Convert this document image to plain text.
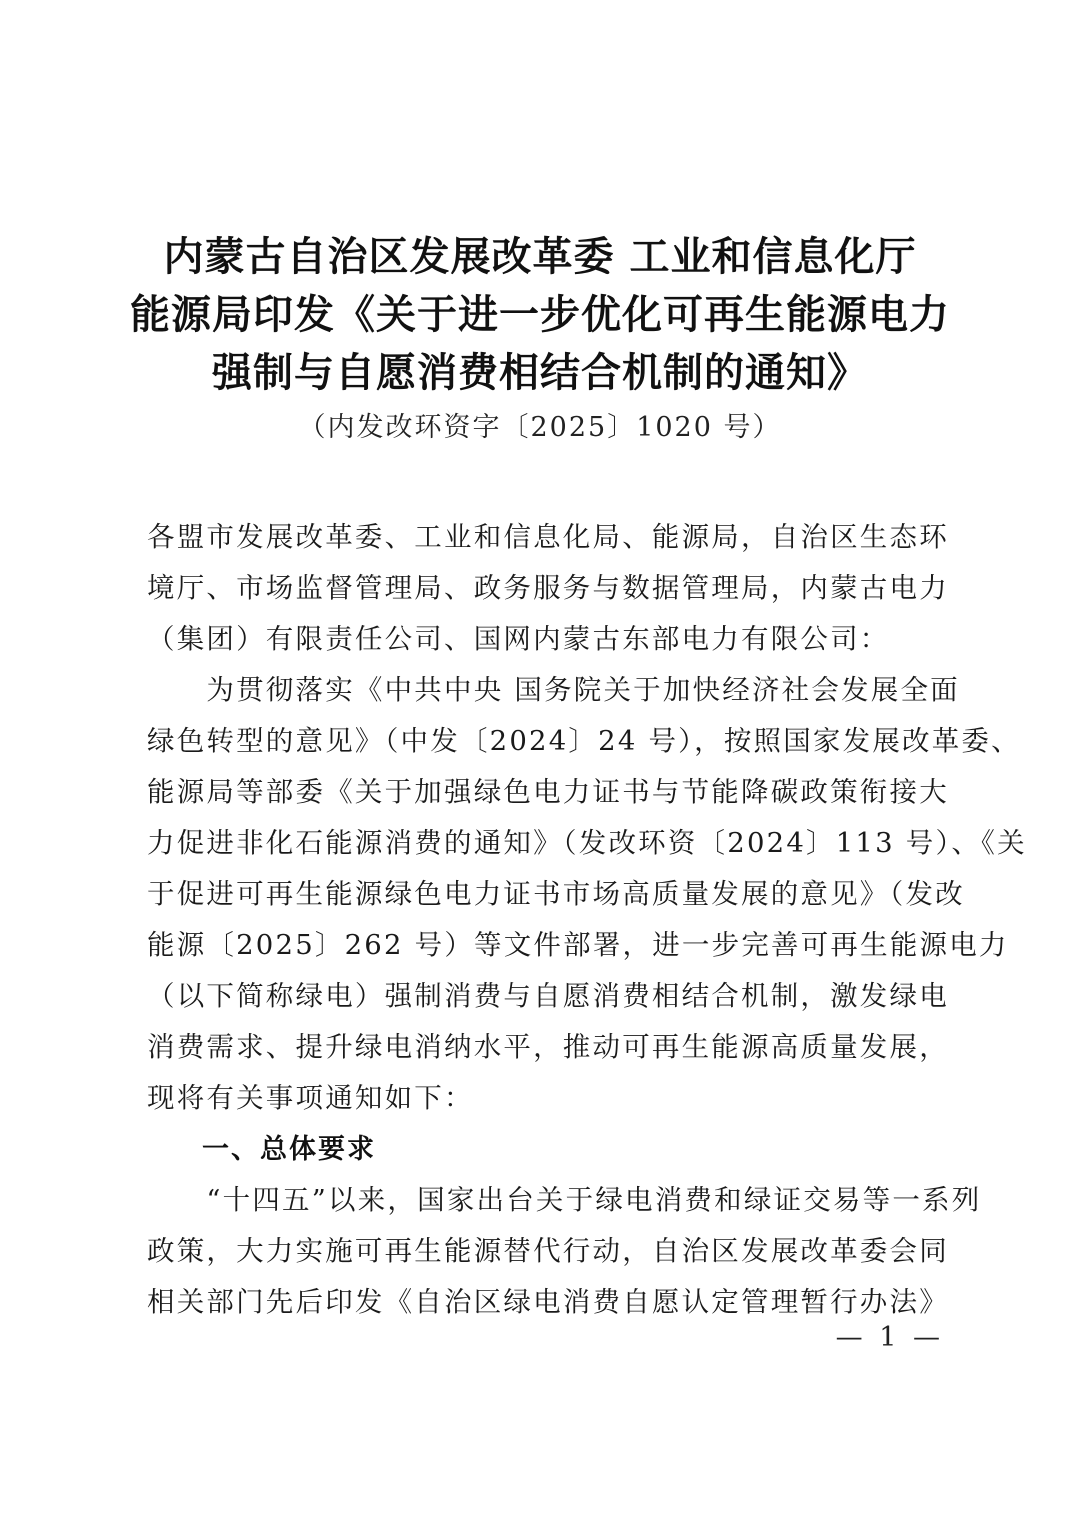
内蒙古自治区发展改革委 工业和信息化厅
能源局印发《关于进一步优化可再生能源电力
强制与自愿消费相结合机制的通知》
（内发改环资字〔2025〕1020 号）

各盟市发展改革委、工业和信息化局、能源局，自治区生态环
境厅、市场监督管理局、政务服务与数据管理局，内蒙古电力
（集团）有限责任公司、国网内蒙古东部电力有限公司：

　　为贯彻落实《中共中央 国务院关于加快经济社会发展全面
绿色转型的意见》（中发〔2024〕24 号），按照国家发展改革委、
能源局等部委《关于加强绿色电力证书与节能降碳政策衔接大
力促进非化石能源消费的通知》（发改环资〔2024〕113 号）、《关
于促进可再生能源绿色电力证书市场高质量发展的意见》（发改
能源〔2025〕262 号）等文件部署，进一步完善可再生能源电力
（以下简称绿电）强制消费与自愿消费相结合机制，激发绿电
消费需求、提升绿电消纳水平，推动可再生能源高质量发展，
现将有关事项通知如下：

一、总体要求

　　“十四五”以来，国家出台关于绿电消费和绿证交易等一系列
政策，大力实施可再生能源替代行动，自治区发展改革委会同
相关部门先后印发《自治区绿电消费自愿认定管理暂行办法》

— 1 —
